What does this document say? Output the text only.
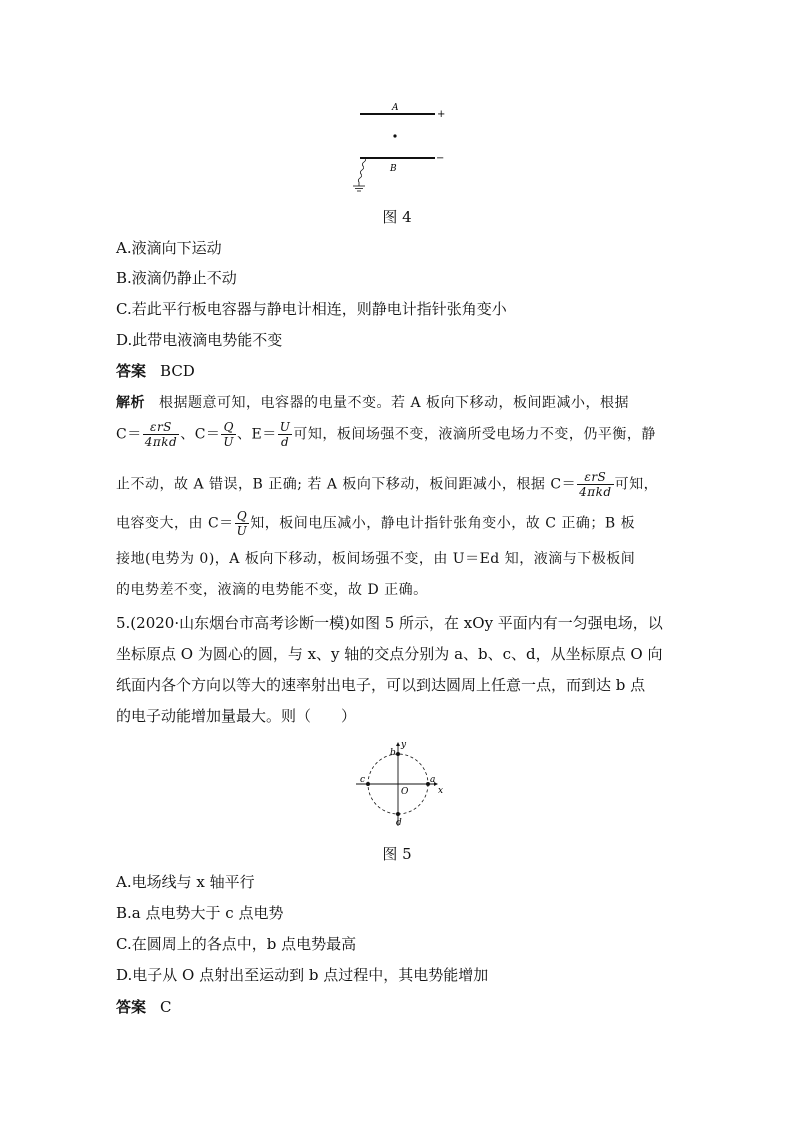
A
+
B
−
图 4
A.液滴向下运动
B.液滴仍静止不动
C.若此平行板电容器与静电计相连，则静电计指针张角变小
D.此带电液滴电势能不变
答案 BCD
解析 根据题意可知，电容器的电量不变。若 A 板向下移动，板间距减小，根据
$C= \frac{\text{εrS}}{\text{4πkd}}$ 、$C= \frac{Q}{U}$ 、$E= \frac{U}{d}$ 可知，板间场强不变，液滴所受电场力不变，仍平衡，静
止不动，故 A 错误，B 正确; 若 A 板向下移动，板间距减小，根据 $C= \frac{\text{εrS}}{\text{4πkd}}$ 可知，
电容变大，由 $C= \frac{Q}{U}$ 知，板间电压减小，静电计指针张角变小，故 C 正确；B 板
接地(电势为 0)，A 板向下移动，板间场强不变，由 U＝Ed 知，液滴与下极板间
的电势差不变，液滴的电势能不变，故 D 正确。
5.(2020·山东烟台市高考诊断一模)如图 5 所示，在 xOy 平面内有一匀强电场，以
坐标原点 O 为圆心的圆，与 x、y 轴的交点分别为 a、b、c、d，从坐标原点 O 向
纸面内各个方向以等大的速率射出电子，可以到达圆周上任意一点，而到达 b 点
的电子动能增加量最大。则（　　）
x
y
O
a
b
c
d
图 5
A.电场线与 x 轴平行
B.a 点电势大于 c 点电势
C.在圆周上的各点中，b 点电势最高
D.电子从 O 点射出至运动到 b 点过程中，其电势能增加
答案 C
